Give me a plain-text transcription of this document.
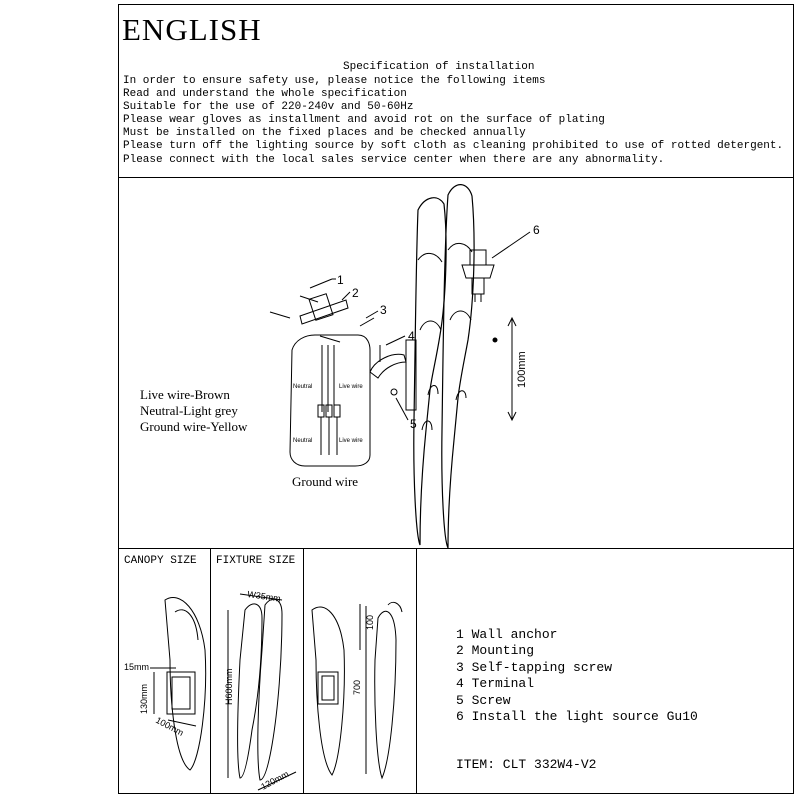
ENGLISH
Specification of installation
In order to ensure safety use, please notice the following items
Read and understand the whole specification
Suitable for the use of 220-240v and 50-60Hz
Please wear gloves as installment and avoid rot on the surface of plating
Must be installed on the fixed places and be checked annually
Please turn off the lighting source by soft cloth as cleaning prohibited to use of rotted detergent.
Please connect with the local sales service center when there are any abnormality.
Live wire-Brown
Neutral-Light grey
Ground wire-Yellow
Ground wire
CANOPY SIZE FIXTURE SIZE
1 Wall anchor
2 Mounting
3 Self-tapping screw
4 Terminal
5 Screw
6 Install the light source Gu10
ITEM: CLT 332W4-V2
6
100mm
1
2
3
4
5
Neutral	Live wire
Neutral	Live wire
15mm
130mm
100mm
W35mm
H600mm
120mm
100
700
